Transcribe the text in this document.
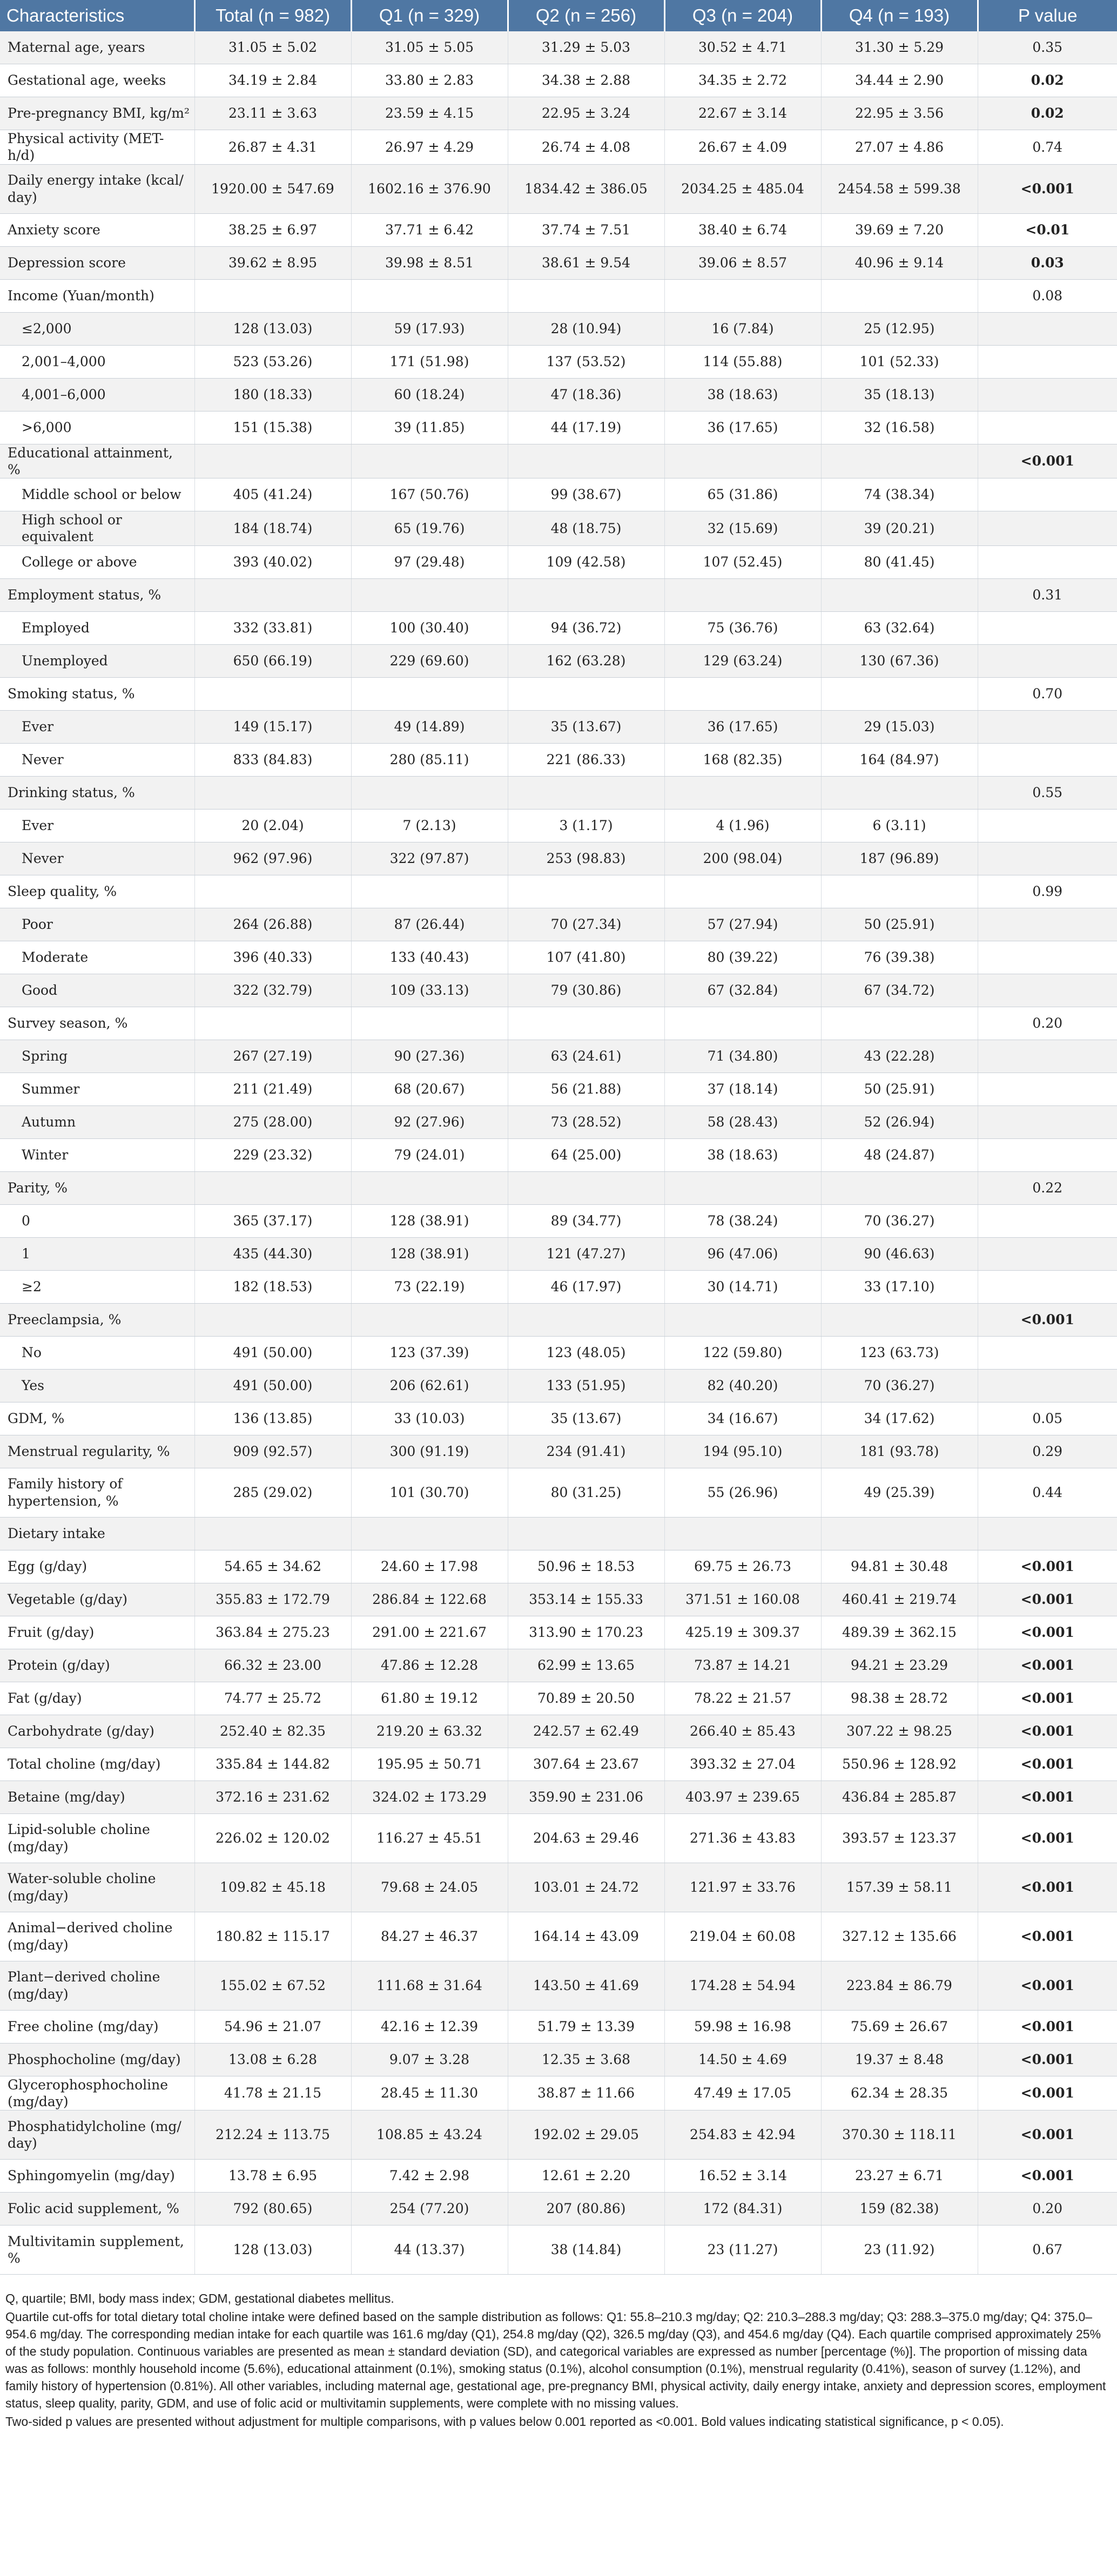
Characteristics	Total (n = 982)	Q1 (n = 329)	Q2 (n = 256)	Q3 (n = 204)	Q4 (n = 193)	P value
Maternal age, years	31.05 ± 5.02	31.05 ± 5.05	31.29 ± 5.03	30.52 ± 4.71	31.30 ± 5.29	0.35
Gestational age, weeks	34.19 ± 2.84	33.80 ± 2.83	34.38 ± 2.88	34.35 ± 2.72	34.44 ± 2.90	0.02
Pre-pregnancy BMI, kg/m²	23.11 ± 3.63	23.59 ± 4.15	22.95 ± 3.24	22.67 ± 3.14	22.95 ± 3.56	0.02
Physical activity (MET- h/d)	26.87 ± 4.31	26.97 ± 4.29	26.74 ± 4.08	26.67 ± 4.09	27.07 ± 4.86	0.74
Daily energy intake (kcal/ day)	1920.00 ± 547.69	1602.16 ± 376.90	1834.42 ± 386.05	2034.25 ± 485.04	2454.58 ± 599.38	<0.001
Anxiety score	38.25 ± 6.97	37.71 ± 6.42	37.74 ± 7.51	38.40 ± 6.74	39.69 ± 7.20	<0.01
Depression score	39.62 ± 8.95	39.98 ± 8.51	38.61 ± 9.54	39.06 ± 8.57	40.96 ± 9.14	0.03
Income (Yuan/month)						0.08
≤2,000	128 (13.03)	59 (17.93)	28 (10.94)	16 (7.84)	25 (12.95)	
2,001–4,000	523 (53.26)	171 (51.98)	137 (53.52)	114 (55.88)	101 (52.33)	
4,001–6,000	180 (18.33)	60 (18.24)	47 (18.36)	38 (18.63)	35 (18.13)	
>6,000	151 (15.38)	39 (11.85)	44 (17.19)	36 (17.65)	32 (16.58)	
Educational attainment, %						<0.001
Middle school or below	405 (41.24)	167 (50.76)	99 (38.67)	65 (31.86)	74 (38.34)	
High school or equivalent	184 (18.74)	65 (19.76)	48 (18.75)	32 (15.69)	39 (20.21)	
College or above	393 (40.02)	97 (29.48)	109 (42.58)	107 (52.45)	80 (41.45)	
Employment status, %						0.31
Employed	332 (33.81)	100 (30.40)	94 (36.72)	75 (36.76)	63 (32.64)	
Unemployed	650 (66.19)	229 (69.60)	162 (63.28)	129 (63.24)	130 (67.36)	
Smoking status, %						0.70
Ever	149 (15.17)	49 (14.89)	35 (13.67)	36 (17.65)	29 (15.03)	
Never	833 (84.83)	280 (85.11)	221 (86.33)	168 (82.35)	164 (84.97)	
Drinking status, %						0.55
Ever	20 (2.04)	7 (2.13)	3 (1.17)	4 (1.96)	6 (3.11)	
Never	962 (97.96)	322 (97.87)	253 (98.83)	200 (98.04)	187 (96.89)	
Sleep quality, %						0.99
Poor	264 (26.88)	87 (26.44)	70 (27.34)	57 (27.94)	50 (25.91)	
Moderate	396 (40.33)	133 (40.43)	107 (41.80)	80 (39.22)	76 (39.38)	
Good	322 (32.79)	109 (33.13)	79 (30.86)	67 (32.84)	67 (34.72)	
Survey season, %						0.20
Spring	267 (27.19)	90 (27.36)	63 (24.61)	71 (34.80)	43 (22.28)	
Summer	211 (21.49)	68 (20.67)	56 (21.88)	37 (18.14)	50 (25.91)	
Autumn	275 (28.00)	92 (27.96)	73 (28.52)	58 (28.43)	52 (26.94)	
Winter	229 (23.32)	79 (24.01)	64 (25.00)	38 (18.63)	48 (24.87)	
Parity, %						0.22
0	365 (37.17)	128 (38.91)	89 (34.77)	78 (38.24)	70 (36.27)	
1	435 (44.30)	128 (38.91)	121 (47.27)	96 (47.06)	90 (46.63)	
≥2	182 (18.53)	73 (22.19)	46 (17.97)	30 (14.71)	33 (17.10)	
Preeclampsia, %						<0.001
No	491 (50.00)	123 (37.39)	123 (48.05)	122 (59.80)	123 (63.73)	
Yes	491 (50.00)	206 (62.61)	133 (51.95)	82 (40.20)	70 (36.27)	
GDM, %	136 (13.85)	33 (10.03)	35 (13.67)	34 (16.67)	34 (17.62)	0.05
Menstrual regularity, %	909 (92.57)	300 (91.19)	234 (91.41)	194 (95.10)	181 (93.78)	0.29
Family history of hypertension, %	285 (29.02)	101 (30.70)	80 (31.25)	55 (26.96)	49 (25.39)	0.44
Dietary intake						
Egg (g/day)	54.65 ± 34.62	24.60 ± 17.98	50.96 ± 18.53	69.75 ± 26.73	94.81 ± 30.48	<0.001
Vegetable (g/day)	355.83 ± 172.79	286.84 ± 122.68	353.14 ± 155.33	371.51 ± 160.08	460.41 ± 219.74	<0.001
Fruit (g/day)	363.84 ± 275.23	291.00 ± 221.67	313.90 ± 170.23	425.19 ± 309.37	489.39 ± 362.15	<0.001
Protein (g/day)	66.32 ± 23.00	47.86 ± 12.28	62.99 ± 13.65	73.87 ± 14.21	94.21 ± 23.29	<0.001
Fat (g/day)	74.77 ± 25.72	61.80 ± 19.12	70.89 ± 20.50	78.22 ± 21.57	98.38 ± 28.72	<0.001
Carbohydrate (g/day)	252.40 ± 82.35	219.20 ± 63.32	242.57 ± 62.49	266.40 ± 85.43	307.22 ± 98.25	<0.001
Total choline (mg/day)	335.84 ± 144.82	195.95 ± 50.71	307.64 ± 23.67	393.32 ± 27.04	550.96 ± 128.92	<0.001
Betaine (mg/day)	372.16 ± 231.62	324.02 ± 173.29	359.90 ± 231.06	403.97 ± 239.65	436.84 ± 285.87	<0.001
Lipid-soluble choline (mg/day)	226.02 ± 120.02	116.27 ± 45.51	204.63 ± 29.46	271.36 ± 43.83	393.57 ± 123.37	<0.001
Water-soluble choline (mg/day)	109.82 ± 45.18	79.68 ± 24.05	103.01 ± 24.72	121.97 ± 33.76	157.39 ± 58.11	<0.001
Animal−derived choline (mg/day)	180.82 ± 115.17	84.27 ± 46.37	164.14 ± 43.09	219.04 ± 60.08	327.12 ± 135.66	<0.001
Plant−derived choline (mg/day)	155.02 ± 67.52	111.68 ± 31.64	143.50 ± 41.69	174.28 ± 54.94	223.84 ± 86.79	<0.001
Free choline (mg/day)	54.96 ± 21.07	42.16 ± 12.39	51.79 ± 13.39	59.98 ± 16.98	75.69 ± 26.67	<0.001
Phosphocholine (mg/day)	13.08 ± 6.28	9.07 ± 3.28	12.35 ± 3.68	14.50 ± 4.69	19.37 ± 8.48	<0.001
Glycerophosphocholine (mg/day)	41.78 ± 21.15	28.45 ± 11.30	38.87 ± 11.66	47.49 ± 17.05	62.34 ± 28.35	<0.001
Phosphatidylcholine (mg/ day)	212.24 ± 113.75	108.85 ± 43.24	192.02 ± 29.05	254.83 ± 42.94	370.30 ± 118.11	<0.001
Sphingomyelin (mg/day)	13.78 ± 6.95	7.42 ± 2.98	12.61 ± 2.20	16.52 ± 3.14	23.27 ± 6.71	<0.001
Folic acid supplement, %	792 (80.65)	254 (77.20)	207 (80.86)	172 (84.31)	159 (82.38)	0.20
Multivitamin supplement, %	128 (13.03)	44 (13.37)	38 (14.84)	23 (11.27)	23 (11.92)	0.67

Q, quartile; BMI, body mass index; GDM, gestational diabetes mellitus.

Quartile cut-offs for total dietary total choline intake were defined based on the sample distribution as follows: Q1: 55.8–210.3 mg/day; Q2: 210.3–288.3 mg/day; Q3: 288.3–375.0 mg/day; Q4: 375.0–954.6 mg/day. The corresponding median intake for each quartile was 161.6 mg/day (Q1), 254.8 mg/day (Q2), 326.5 mg/day (Q3), and 454.6 mg/day (Q4). Each quartile comprised approximately 25% of the study population. Continuous variables are presented as mean ± standard deviation (SD), and categorical variables are expressed as number [percentage (%)]. The proportion of missing data was as follows: monthly household income (5.6%), educational attainment (0.1%), smoking status (0.1%), alcohol consumption (0.1%), menstrual regularity (0.41%), season of survey (1.12%), and family history of hypertension (0.81%). All other variables, including maternal age, gestational age, pre-pregnancy BMI, physical activity, daily energy intake, anxiety and depression scores, employment status, sleep quality, parity, GDM, and use of folic acid or multivitamin supplements, were complete with no missing values.

Two-sided p values are presented without adjustment for multiple comparisons, with p values below 0.001 reported as <0.001. Bold values indicating statistical significance, p < 0.05).
